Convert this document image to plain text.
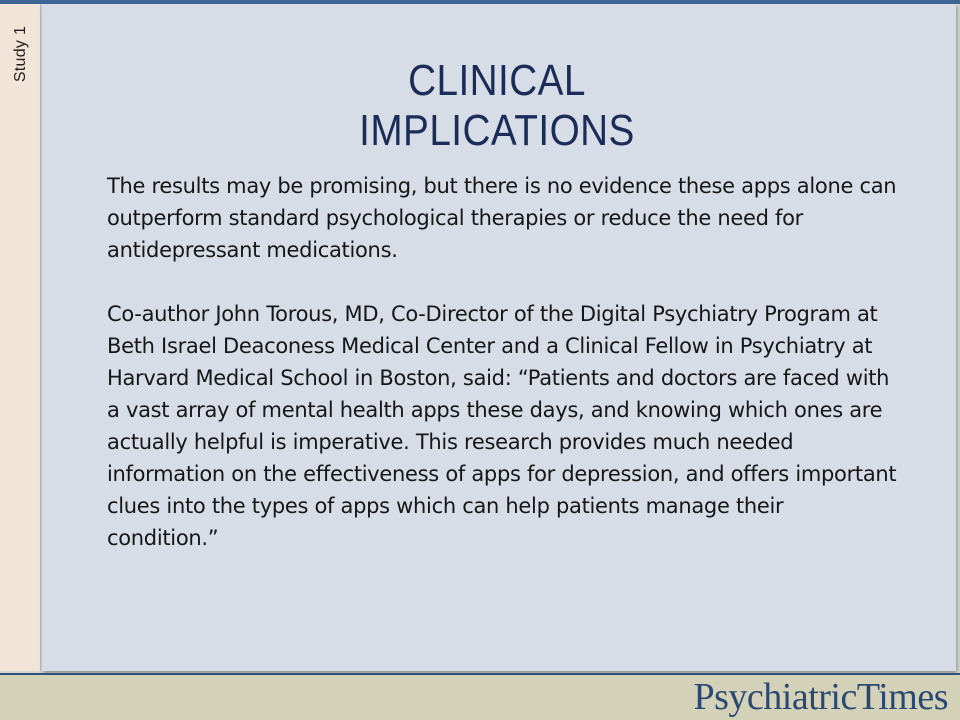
Study 1	CLINICAL IMPLICATIONS

The results may be promising, but there is no evidence these apps alone can outperform standard psychological therapies or reduce the need for antidepressant medications.

Co-author John Torous, MD, Co-Director of the Digital Psychiatry Program at Beth Israel Deaconess Medical Center and a Clinical Fellow in Psychiatry at Harvard Medical School in Boston, said: “Patients and doctors are faced with a vast array of mental health apps these days, and knowing which ones are actually helpful is imperative. This research provides much needed information on the effectiveness of apps for depression, and offers important clues into the types of apps which can help patients manage their condition.”

PsychiatricTimes
